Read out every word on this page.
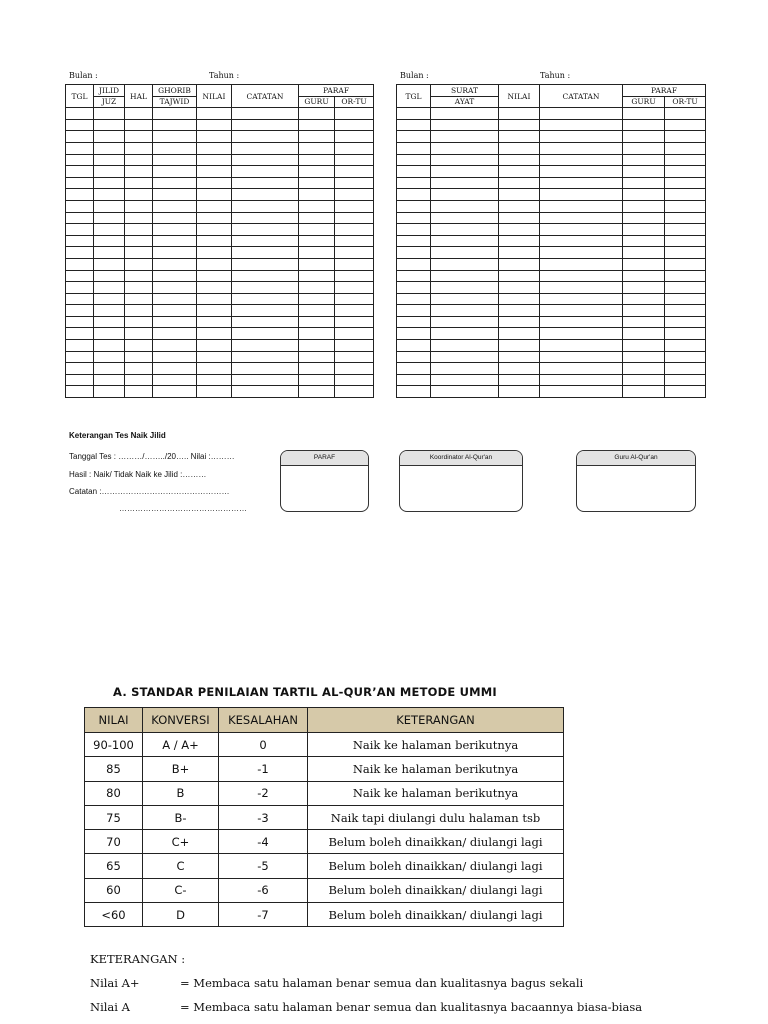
Bulan :	Tahun :
TGL	JILID	HAL	GHORIB	NILAI	CATATAN	PARAF	
	JUZ		TAJWID			GURU	OR-TU

Bulan :	Tahun :
TGL	SURAT	NILAI	CATATAN	PARAF	
	AYAT			GURU	OR-TU

Keterangan Tes Naik Jilid
Tanggal Tes : ………/……../20….. Nilai :………
Hasil : Naik/ Tidak Naik ke Jilid :………
Catatan :…………………………………………
…………………………………………
PARAF	Koordinator Al-Qur'an	Guru Al-Qur'an
A. STANDAR PENILAIAN TARTIL AL-QUR’AN METODE UMMI
NILAI	KONVERSI	KESALAHAN	KETERANGAN
90-100	A / A+	0	Naik ke halaman berikutnya
85	B+	-1	Naik ke halaman berikutnya
80	B	-2	Naik ke halaman berikutnya
75	B-	-3	Naik tapi diulangi dulu halaman tsb
70	C+	-4	Belum boleh dinaikkan/ diulangi lagi
65	C	-5	Belum boleh dinaikkan/ diulangi lagi
60	C-	-6	Belum boleh dinaikkan/ diulangi lagi
<60	D	-7	Belum boleh dinaikkan/ diulangi lagi
KETERANGAN :
Nilai A+	= Membaca satu halaman benar semua dan kualitasnya bagus sekali
Nilai A	= Membaca satu halaman benar semua dan kualitasnya bacaannya biasa-biasa
